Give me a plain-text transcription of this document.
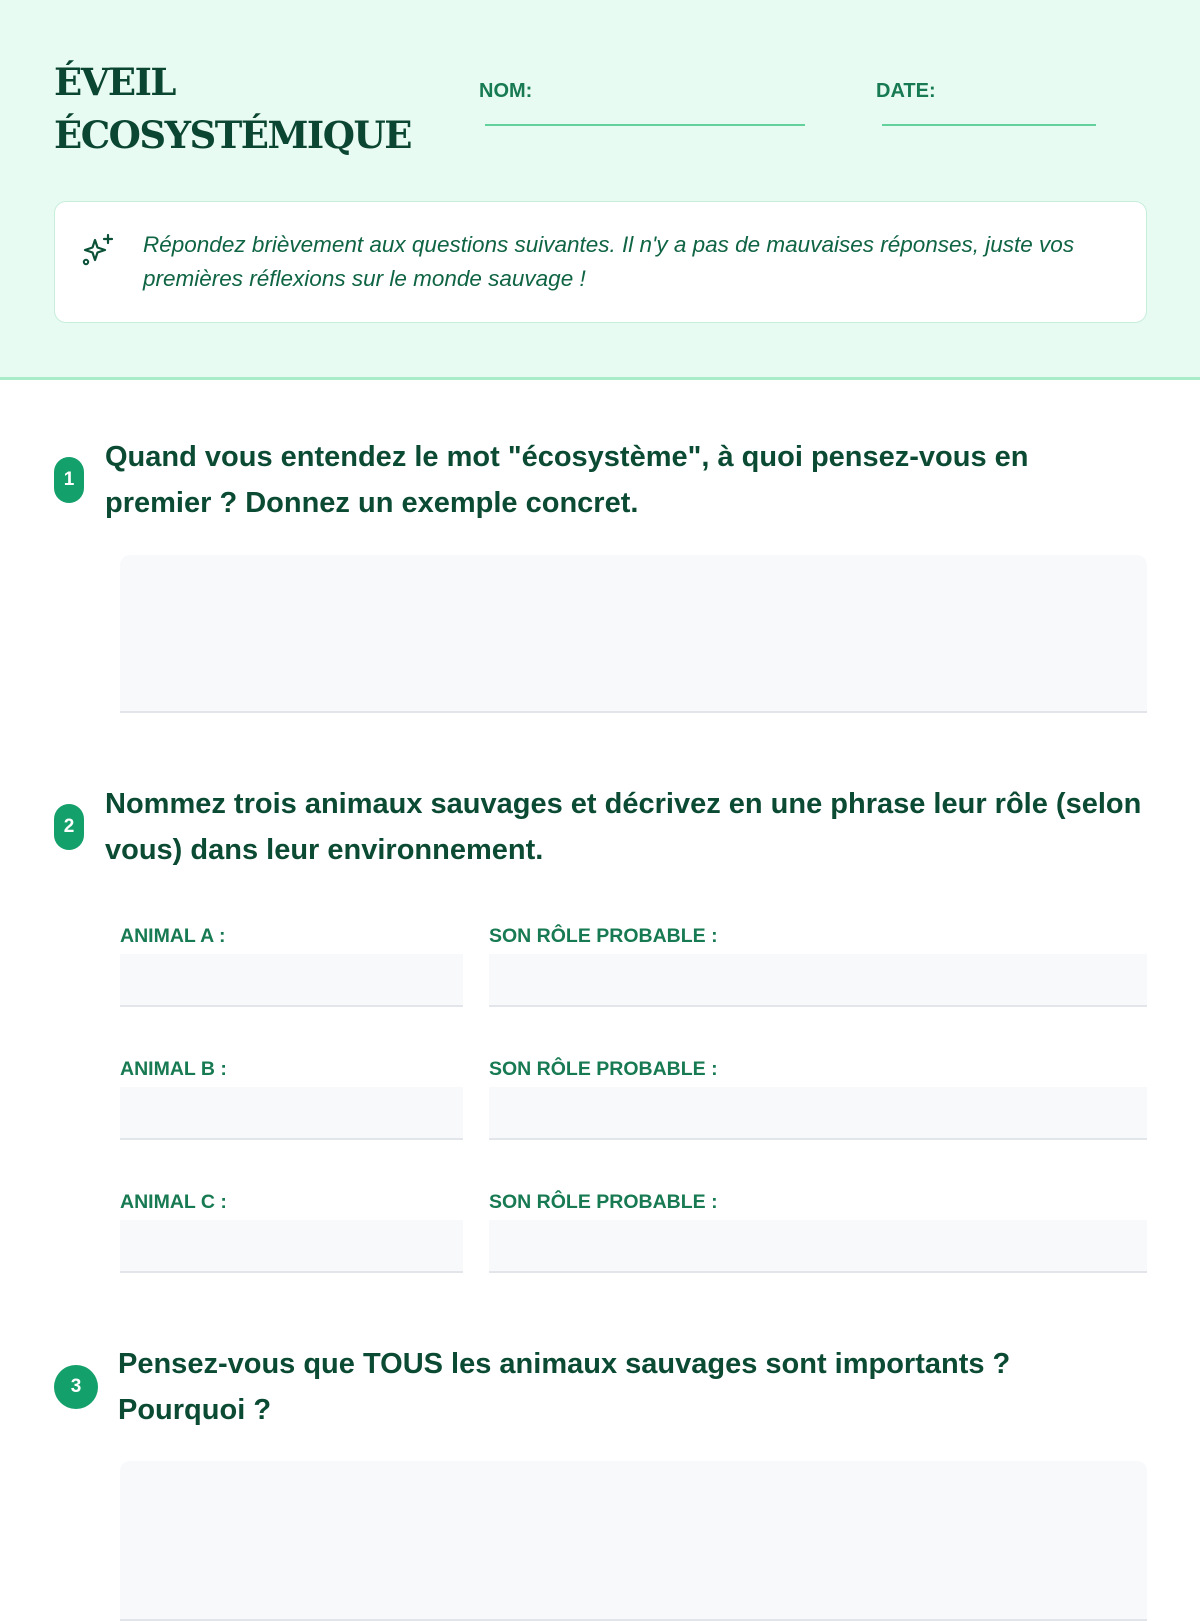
ÉVEIL
ÉCOSYSTÉMIQUE
NOM:	DATE:
Répondez brièvement aux questions suivantes. Il n'y a pas de mauvaises réponses, juste vos premières réflexions sur le monde sauvage !
1
Quand vous entendez le mot "écosystème", à quoi pensez-vous en premier ? Donnez un exemple concret.
2
Nommez trois animaux sauvages et décrivez en une phrase leur rôle (selon vous) dans leur environnement.
ANIMAL A :	SON RÔLE PROBABLE :
ANIMAL B :	SON RÔLE PROBABLE :
ANIMAL C :	SON RÔLE PROBABLE :
3
Pensez-vous que TOUS les animaux sauvages sont importants ? Pourquoi ?
